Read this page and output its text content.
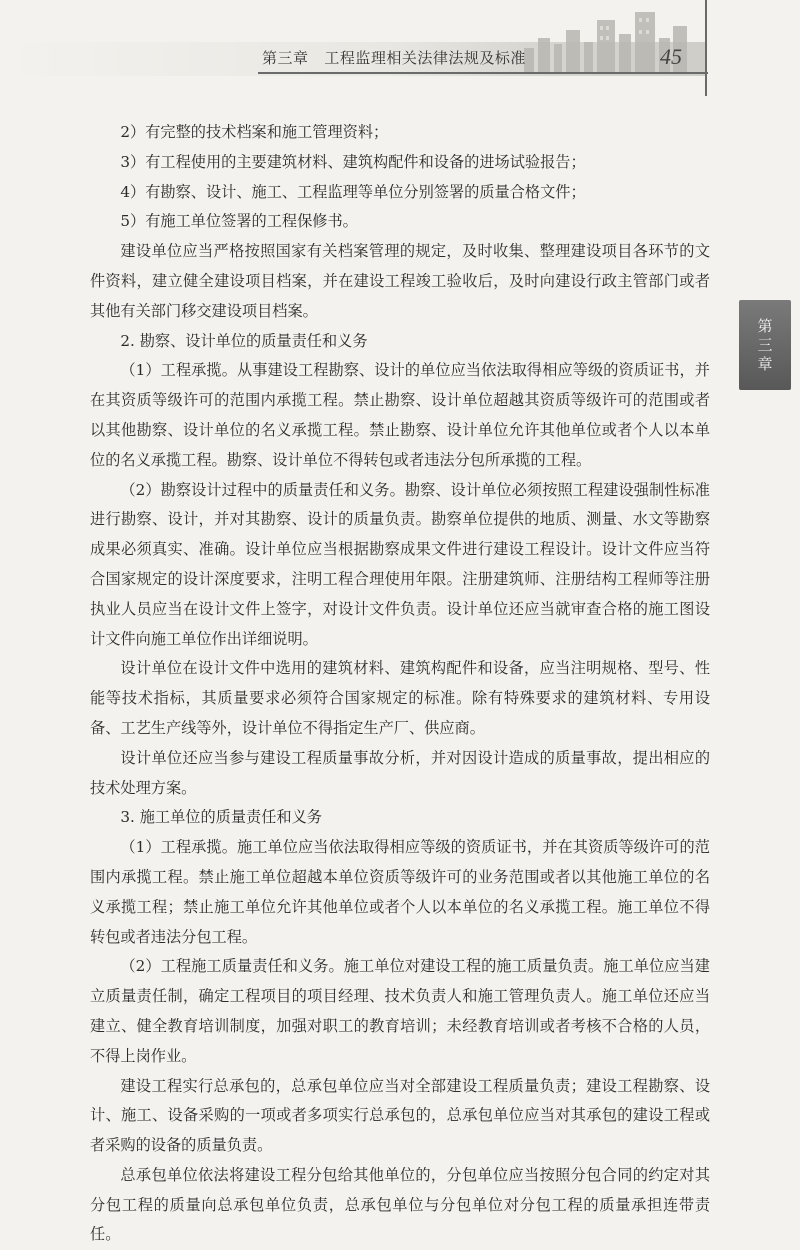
第三章 工程监理相关法律法规及标准	45
第三章

2）有完整的技术档案和施工管理资料；

3）有工程使用的主要建筑材料、建筑构配件和设备的进场试验报告；

4）有勘察、设计、施工、工程监理等单位分别签署的质量合格文件；

5）有施工单位签署的工程保修书。

建设单位应当严格按照国家有关档案管理的规定，及时收集、整理建设项目各环节的文件资料，建立健全建设项目档案，并在建设工程竣工验收后，及时向建设行政主管部门或者其他有关部门移交建设项目档案。

2. 勘察、设计单位的质量责任和义务

（1）工程承揽。从事建设工程勘察、设计的单位应当依法取得相应等级的资质证书，并在其资质等级许可的范围内承揽工程。禁止勘察、设计单位超越其资质等级许可的范围或者以其他勘察、设计单位的名义承揽工程。禁止勘察、设计单位允许其他单位或者个人以本单位的名义承揽工程。勘察、设计单位不得转包或者违法分包所承揽的工程。

（2）勘察设计过程中的质量责任和义务。勘察、设计单位必须按照工程建设强制性标准进行勘察、设计，并对其勘察、设计的质量负责。勘察单位提供的地质、测量、水文等勘察成果必须真实、准确。设计单位应当根据勘察成果文件进行建设工程设计。设计文件应当符合国家规定的设计深度要求，注明工程合理使用年限。注册建筑师、注册结构工程师等注册执业人员应当在设计文件上签字，对设计文件负责。设计单位还应当就审查合格的施工图设计文件向施工单位作出详细说明。

设计单位在设计文件中选用的建筑材料、建筑构配件和设备，应当注明规格、型号、性能等技术指标，其质量要求必须符合国家规定的标准。除有特殊要求的建筑材料、专用设备、工艺生产线等外，设计单位不得指定生产厂、供应商。

设计单位还应当参与建设工程质量事故分析，并对因设计造成的质量事故，提出相应的技术处理方案。

3. 施工单位的质量责任和义务

（1）工程承揽。施工单位应当依法取得相应等级的资质证书，并在其资质等级许可的范围内承揽工程。禁止施工单位超越本单位资质等级许可的业务范围或者以其他施工单位的名义承揽工程；禁止施工单位允许其他单位或者个人以本单位的名义承揽工程。施工单位不得转包或者违法分包工程。

（2）工程施工质量责任和义务。施工单位对建设工程的施工质量负责。施工单位应当建立质量责任制，确定工程项目的项目经理、技术负责人和施工管理负责人。施工单位还应当建立、健全教育培训制度，加强对职工的教育培训；未经教育培训或者考核不合格的人员，不得上岗作业。

建设工程实行总承包的，总承包单位应当对全部建设工程质量负责；建设工程勘察、设计、施工、设备采购的一项或者多项实行总承包的，总承包单位应当对其承包的建设工程或者采购的设备的质量负责。

总承包单位依法将建设工程分包给其他单位的，分包单位应当按照分包合同的约定对其分包工程的质量向总承包单位负责，总承包单位与分包单位对分包工程的质量承担连带责任。
